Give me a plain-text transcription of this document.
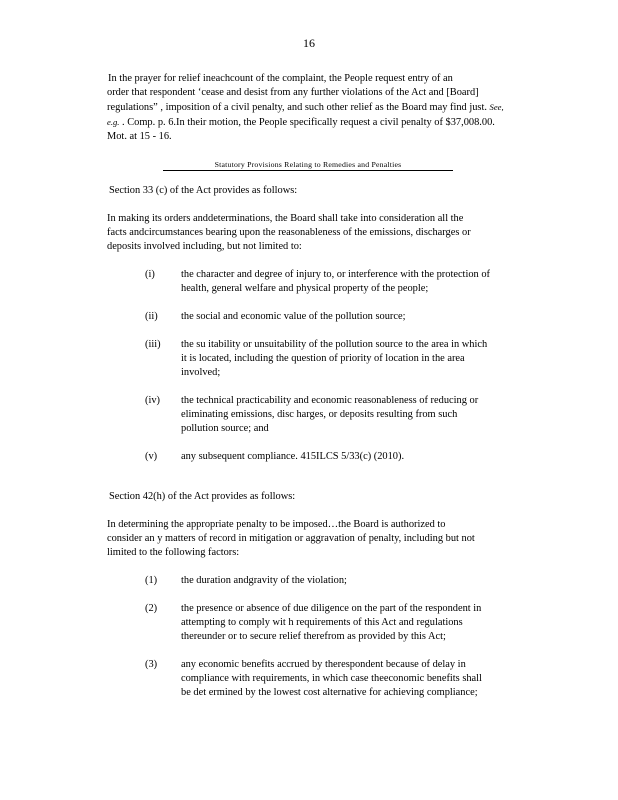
16
In the prayer for relief ineachcount of the complaint, the People request entry of an
order that respondent ‘cease and desist from any further violations of the Act and [Board]
regulations” , imposition of a civil penalty, and such other relief as the Board may find just. See,
e.g. . Comp. p. 6.In their motion, the People specifically request a civil penalty of $37,008.00.
Mot. at 15 - 16.
Statutory Provisions Relating to Remedies and Penalties
Section 33 (c) of the Act provides as follows:
In making its orders anddeterminations, the Board shall take into consideration all the
facts andcircumstances bearing upon the reasonableness of the emissions, discharges or
deposits involved including, but not limited to:
(i)	the character and degree of injury to, or interference with the protection of
health, general welfare and physical property of the people;
(ii)	the social and economic value of the pollution source;
(iii)	the su itability or unsuitability of the pollution source to the area in which
it is located, including the question of priority of location in the area
involved;
(iv)	the technical practicability and economic reasonableness of reducing or
eliminating emissions, disc harges, or deposits resulting from such
pollution source; and
(v)	any subsequent compliance. 415ILCS 5/33(c) (2010).
Section 42(h) of the Act provides as follows:
In determining the appropriate penalty to be imposed…the Board is authorized to
consider an y matters of record in mitigation or aggravation of penalty, including but not
limited to the following factors:
(1)	the duration andgravity of the violation;
(2)	the presence or absence of due diligence on the part of the respondent in
attempting to comply wit h requirements of this Act and regulations
thereunder or to secure relief therefrom as provided by this Act;
(3)	any economic benefits accrued by therespondent because of delay in
compliance with requirements, in which case theeconomic benefits shall
be det ermined by the lowest cost alternative for achieving compliance;
